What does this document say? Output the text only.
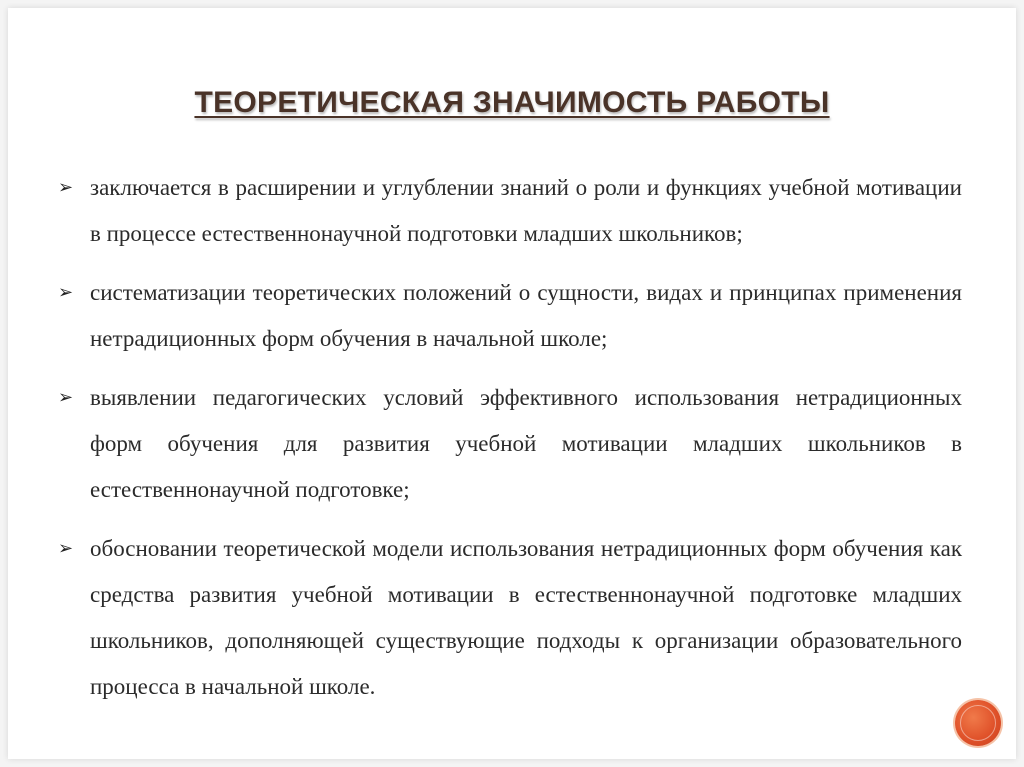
ТЕОРЕТИЧЕСКАЯ ЗНАЧИМОСТЬ РАБОТЫ
➢ заключается в расширении и углублении знаний о роли и функциях учебной мотивации в процессе естественнонаучной подготовки младших школьников;
➢ систематизации теоретических положений о сущности, видах и принципах применения нетрадиционных форм обучения в начальной школе;
➢ выявлении педагогических условий эффективного использования нетрадиционных форм обучения для развития учебной мотивации младших школьников в естественнонаучной подготовке;
➢ обосновании теоретической модели использования нетрадиционных форм обучения как средства развития учебной мотивации в естественнонаучной подготовке младших школьников, дополняющей существующие подходы к организации образовательного процесса в начальной школе.
